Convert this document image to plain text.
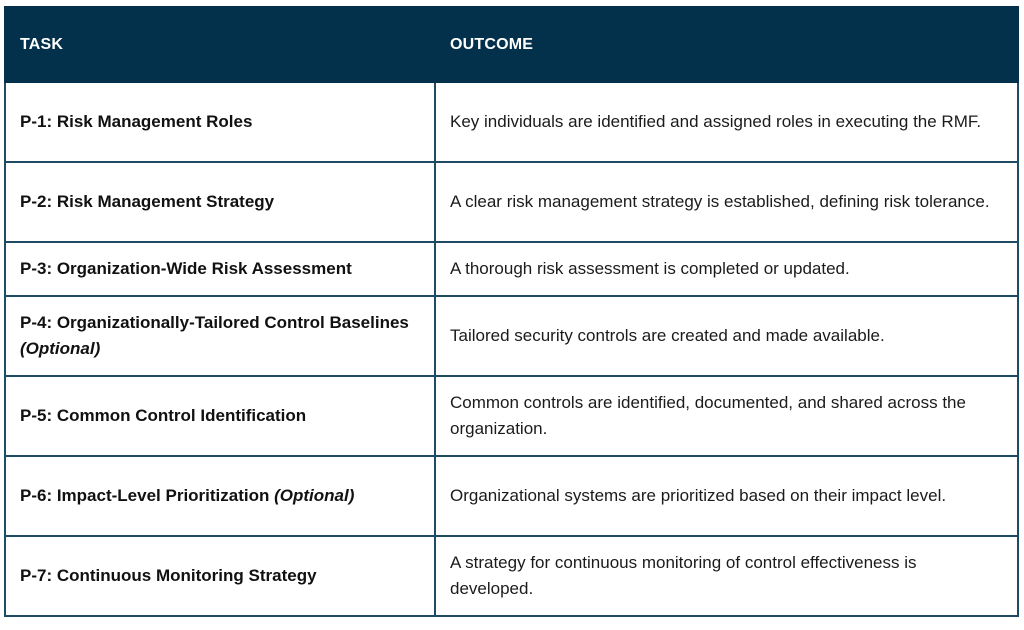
TASK	OUTCOME
P-1: Risk Management Roles	Key individuals are identified and assigned roles in executing the RMF.
P-2: Risk Management Strategy	A clear risk management strategy is established, defining risk tolerance.
P-3: Organization-Wide Risk Assessment	A thorough risk assessment is completed or updated.
P-4: Organizationally-Tailored Control Baselines (Optional)	Tailored security controls are created and made available.
P-5: Common Control Identification	Common controls are identified, documented, and shared across the organization.
P-6: Impact-Level Prioritization (Optional)	Organizational systems are prioritized based on their impact level.
P-7: Continuous Monitoring Strategy	A strategy for continuous monitoring of control effectiveness is developed.
